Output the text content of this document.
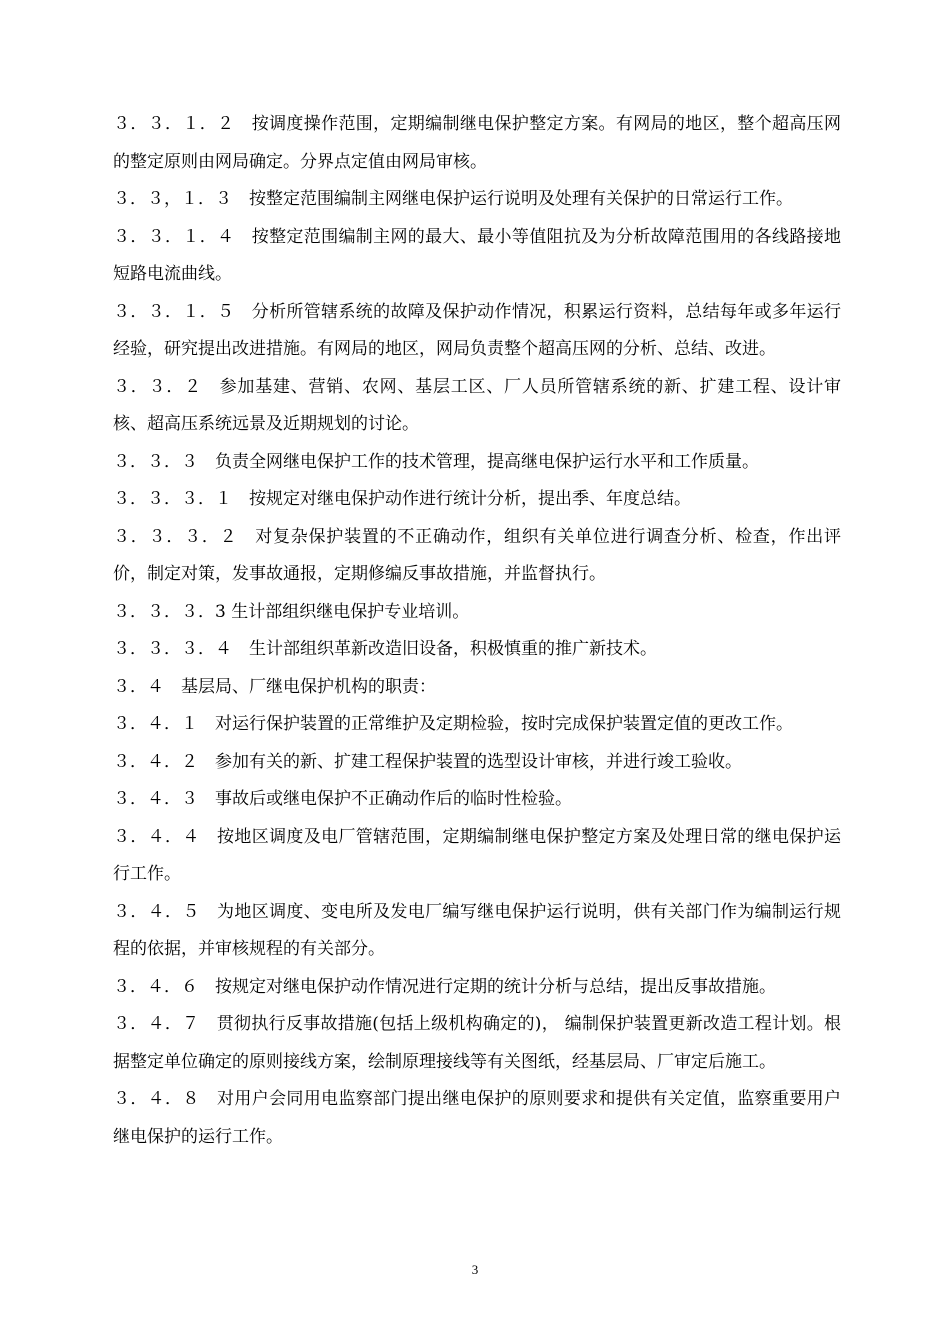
３．３．１．２　按调度操作范围，定期编制继电保护整定方案。有网局的地区，整个超高压网的整定原则由网局确定。分界点定值由网局审核。

３．３，１．３　按整定范围编制主网继电保护运行说明及处理有关保护的日常运行工作。

３．３．１．４　按整定范围编制主网的最大、最小等值阻抗及为分析故障范围用的各线路接地短路电流曲线。

３．３．１．５　分析所管辖系统的故障及保护动作情况，积累运行资料，总结每年或多年运行经验，研究提出改进措施。有网局的地区，网局负责整个超高压网的分析、总结、改进。

３．３．２　参加基建、营销、农网、基层工区、厂人员所管辖系统的新、扩建工程、设计审核、超高压系统远景及近期规划的讨论。

３．３．３　负责全网继电保护工作的技术管理，提高继电保护运行水平和工作质量。

３．３．３．１　按规定对继电保护动作进行统计分析，提出季、年度总结。

３．３．３．２　对复杂保护装置的不正确动作，组织有关单位进行调查分析、检查，作出评价，制定对策，发事故通报，定期修编反事故措施，并监督执行。

３．３．３．3 生计部组织继电保护专业培训。

３．３．３．４　生计部组织革新改造旧设备，积极慎重的推广新技术。

３．４　基层局、厂继电保护机构的职责：

３．４．１　对运行保护装置的正常维护及定期检验，按时完成保护装置定值的更改工作。

３．４．２　参加有关的新、扩建工程保护装置的选型设计审核，并进行竣工验收。

３．４．３　事故后或继电保护不正确动作后的临时性检验。

３．４．４　按地区调度及电厂管辖范围，定期编制继电保护整定方案及处理日常的继电保护运行工作。

３．４．５　为地区调度、变电所及发电厂编写继电保护运行说明，供有关部门作为编制运行规程的依据，并审核规程的有关部分。

３．４．６　按规定对继电保护动作情况进行定期的统计分析与总结，提出反事故措施。

３．４．７　贯彻执行反事故措施(包括上级机构确定的)， 编制保护装置更新改造工程计划。根据整定单位确定的原则接线方案，绘制原理接线等有关图纸，经基层局、厂审定后施工。

３．４．８　对用户会同用电监察部门提出继电保护的原则要求和提供有关定值，监察重要用户继电保护的运行工作。

3
